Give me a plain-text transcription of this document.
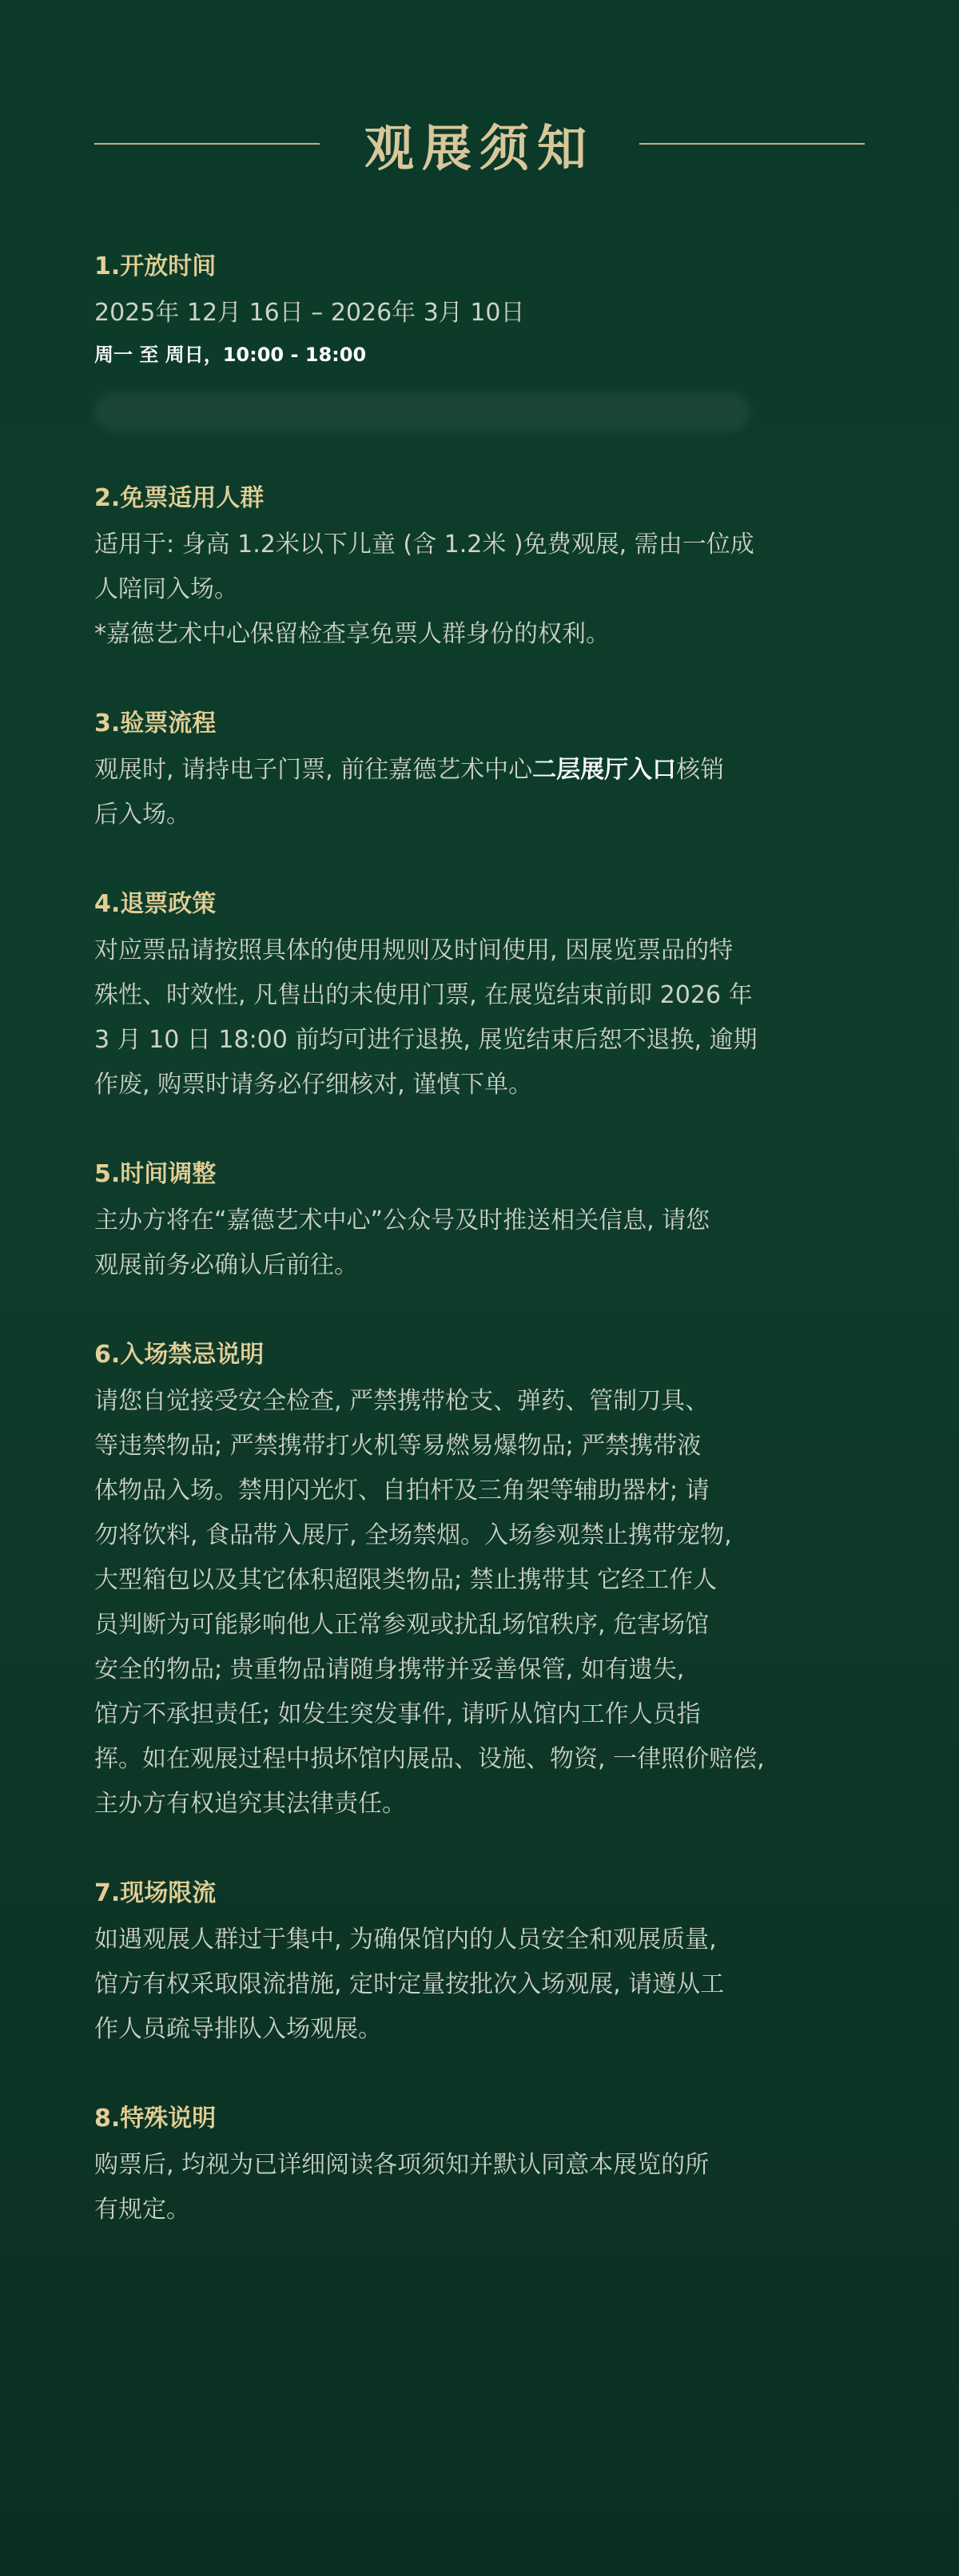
观展须知
1.开放时间
2025年 12月 16日 – 2026年 3月 10日
周一 至 周日，10:00 - 18:00
2.免票适用人群
适用于: 身高 1.2米以下儿童 (含 1.2米 )免费观展, 需由一位成
人陪同入场。
*嘉德艺术中心保留检查享免票人群身份的权利。
3.验票流程
观展时, 请持电子门票, 前往嘉德艺术中心二层展厅入口核销
后入场。
4.退票政策
对应票品请按照具体的使用规则及时间使用, 因展览票品的特
殊性、时效性, 凡售出的未使用门票, 在展览结束前即 2026 年
3 月 10 日 18:00 前均可进行退换, 展览结束后恕不退换, 逾期
作废, 购票时请务必仔细核对, 谨慎下单。
5.时间调整
主办方将在“嘉德艺术中心”公众号及时推送相关信息, 请您
观展前务必确认后前往。
6.入场禁忌说明
请您自觉接受安全检查, 严禁携带枪支、弹药、管制刀具、
等违禁物品; 严禁携带打火机等易燃易爆物品; 严禁携带液
体物品入场。禁用闪光灯、自拍杆及三角架等辅助器材; 请
勿将饮料, 食品带入展厅, 全场禁烟。入场参观禁止携带宠物,
大型箱包以及其它体积超限类物品; 禁止携带其 它经工作人
员判断为可能影响他人正常参观或扰乱场馆秩序, 危害场馆
安全的物品; 贵重物品请随身携带并妥善保管, 如有遗失,
馆方不承担责任; 如发生突发事件, 请听从馆内工作人员指
挥。如在观展过程中损坏馆内展品、设施、物资, 一律照价赔偿,
主办方有权追究其法律责任。
7.现场限流
如遇观展人群过于集中, 为确保馆内的人员安全和观展质量,
馆方有权采取限流措施, 定时定量按批次入场观展, 请遵从工
作人员疏导排队入场观展。
8.特殊说明
购票后, 均视为已详细阅读各项须知并默认同意本展览的所
有规定。
